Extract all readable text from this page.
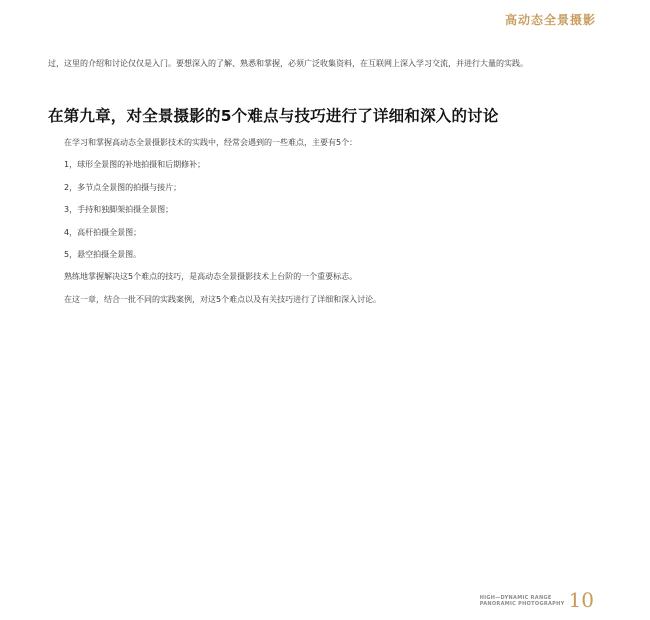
高动态全景摄影
过，这里的介绍和讨论仅仅是入门。要想深入的了解、熟悉和掌握，必须广泛收集资料，在互联网上深入学习交流，并进行大量的实践。
在第九章，对全景摄影的5个难点与技巧进行了详细和深入的讨论

在学习和掌握高动态全景摄影技术的实践中，经常会遇到的一些难点，主要有5个：

1，球形全景图的补地拍摄和后期修补；

2，多节点全景图的拍摄与接片；

3，手持和独脚架拍摄全景图；

4，高杆拍摄全景图；

5，悬空拍摄全景图。

熟练地掌握解决这5个难点的技巧，是高动态全景摄影技术上台阶的一个重要标志。

在这一章，结合一批不同的实践案例，对这5个难点以及有关技巧进行了详细和深入讨论。

HIGH—DYNAMIC RANGE
PANORAMIC PHOTOGRAPHY 10
